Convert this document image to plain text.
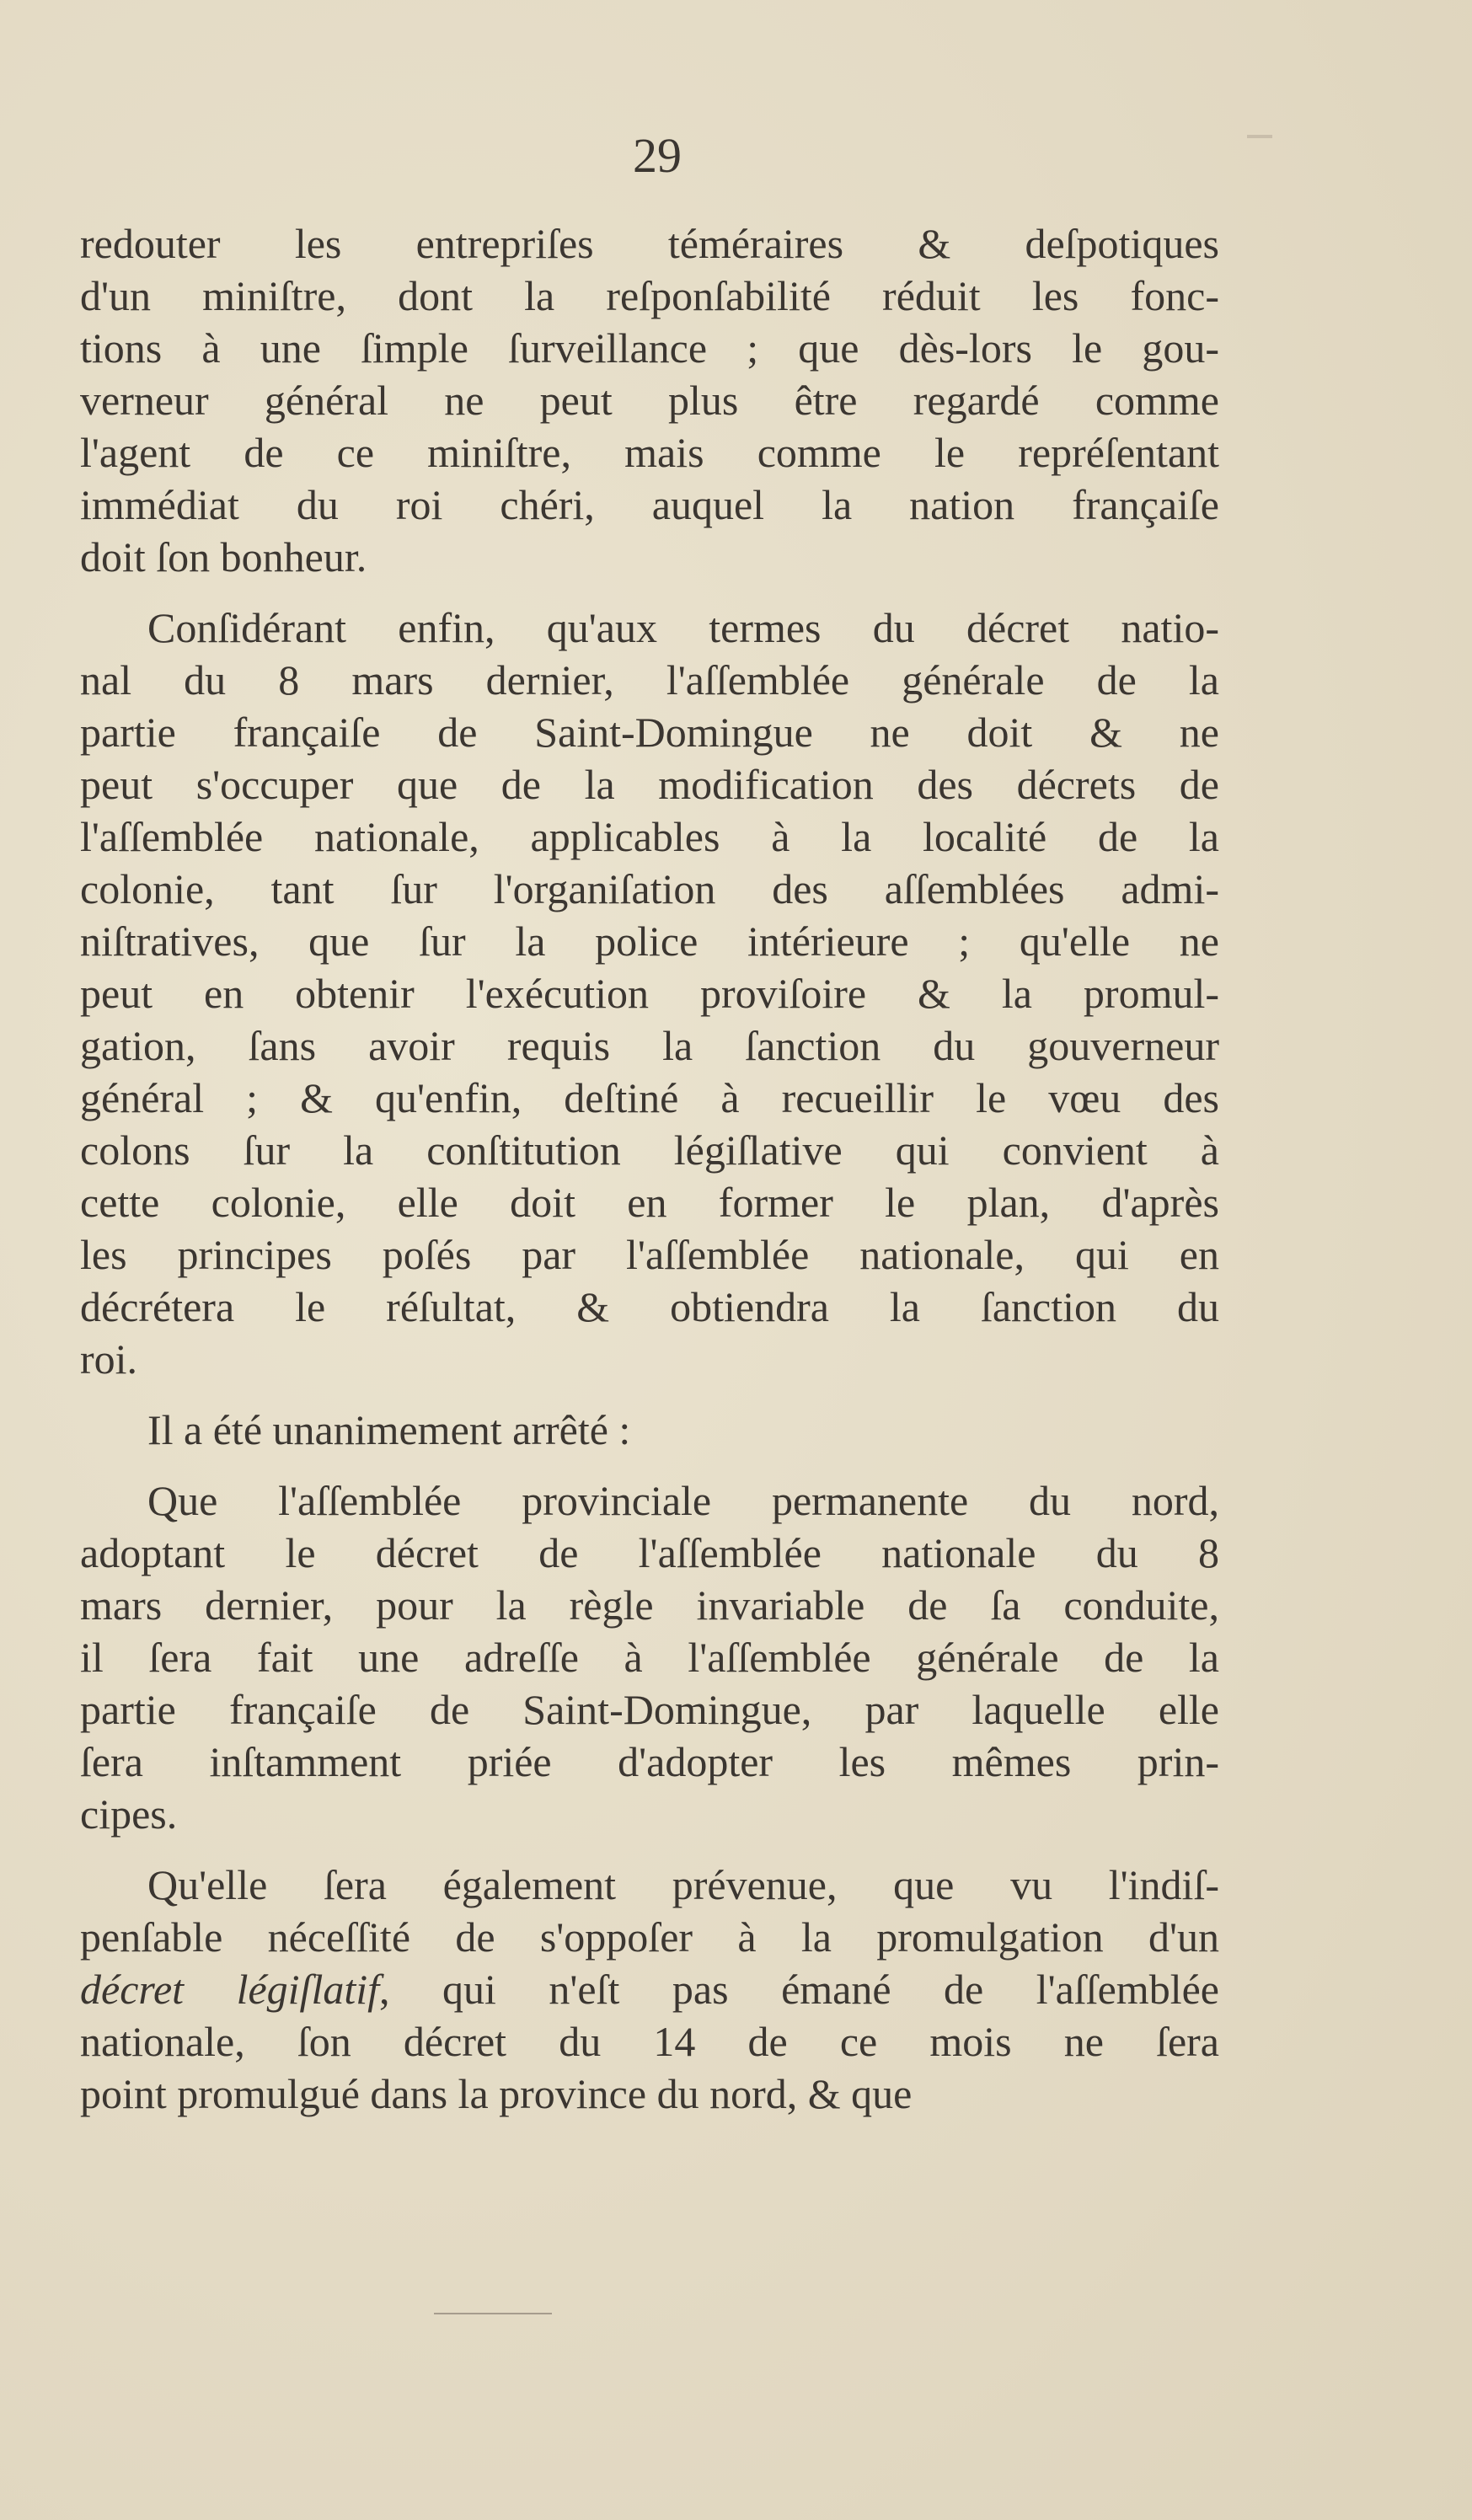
29
redouter les entrepriſes téméraires & deſpotiques
d'un miniſtre, dont la reſponſabilité réduit les fonc-
tions à une ſimple ſurveillance ; que dès-lors le gou-
verneur général ne peut plus être regardé comme
l'agent de ce miniſtre, mais comme le repréſentant
immédiat du roi chéri, auquel la nation françaiſe
doit ſon bonheur.
Conſidérant enfin, qu'aux termes du décret natio-
nal du 8 mars dernier, l'aſſemblée générale de la
partie françaiſe de Saint-Domingue ne doit & ne
peut s'occuper que de la modification des décrets de
l'aſſemblée nationale, applicables à la localité de la
colonie, tant ſur l'organiſation des aſſemblées admi-
niſtratives, que ſur la police intérieure ; qu'elle ne
peut en obtenir l'exécution proviſoire & la promul-
gation, ſans avoir requis la ſanction du gouverneur
général ; & qu'enfin, deſtiné à recueillir le vœu des
colons ſur la conſtitution légiſlative qui convient à
cette colonie, elle doit en former le plan, d'après
les principes poſés par l'aſſemblée nationale, qui en
décrétera le réſultat, & obtiendra la ſanction du
roi.
Il a été unanimement arrêté :
Que l'aſſemblée provinciale permanente du nord,
adoptant le décret de l'aſſemblée nationale du 8
mars dernier, pour la règle invariable de ſa conduite,
il ſera fait une adreſſe à l'aſſemblée générale de la
partie françaiſe de Saint-Domingue, par laquelle elle
ſera inſtamment priée d'adopter les mêmes prin-
cipes.
Qu'elle ſera également prévenue, que vu l'indiſ-
penſable néceſſité de s'oppoſer à la promulgation d'un
décret légiſlatif, qui n'eſt pas émané de l'aſſemblée
nationale, ſon décret du 14 de ce mois ne ſera
point promulgué dans la province du nord, & que
